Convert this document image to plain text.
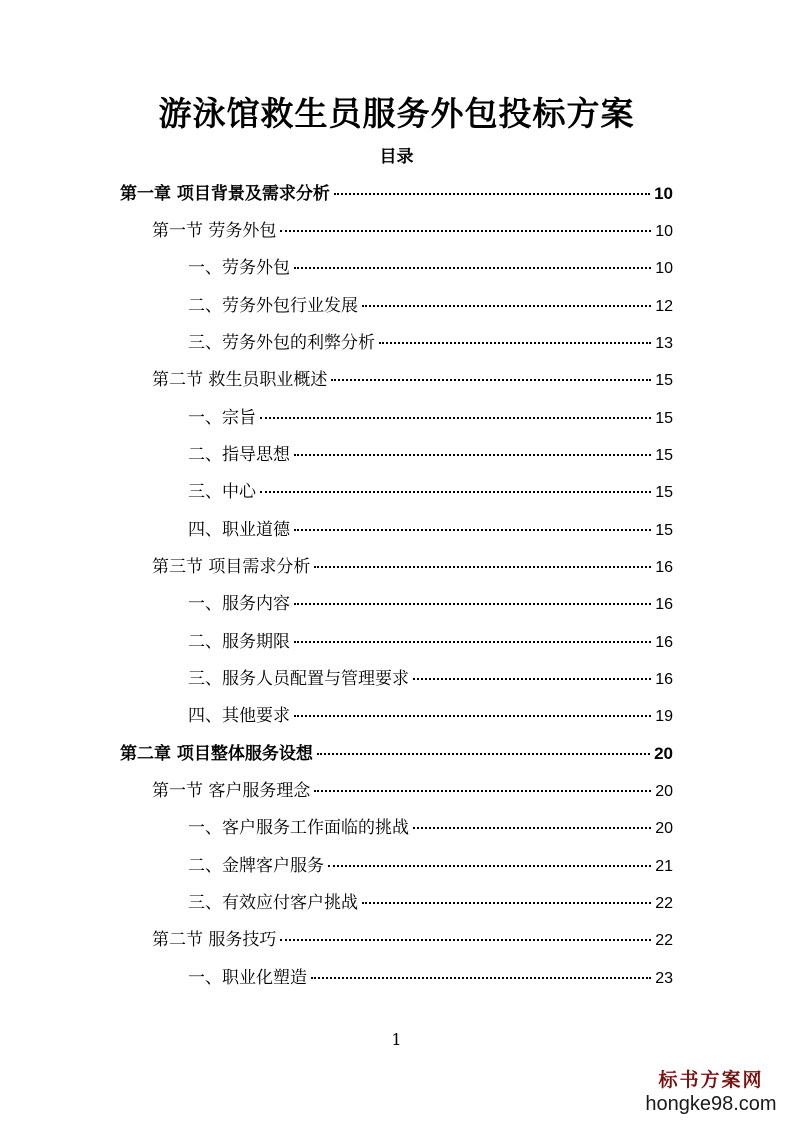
游泳馆救生员服务外包投标方案
目录
第一章 项目背景及需求分析	10
第一节 劳务外包	10
一、劳务外包	10
二、劳务外包行业发展	12
三、劳务外包的利弊分析	13
第二节 救生员职业概述	15
一、宗旨	15
二、指导思想	15
三、中心	15
四、职业道德	15
第三节 项目需求分析	16
一、服务内容	16
二、服务期限	16
三、服务人员配置与管理要求	16
四、其他要求	19
第二章 项目整体服务设想	20
第一节 客户服务理念	20
一、客户服务工作面临的挑战	20
二、金牌客户服务	21
三、有效应付客户挑战	22
第二节 服务技巧	22
一、职业化塑造	23
1
标书方案网
hongke98.com
